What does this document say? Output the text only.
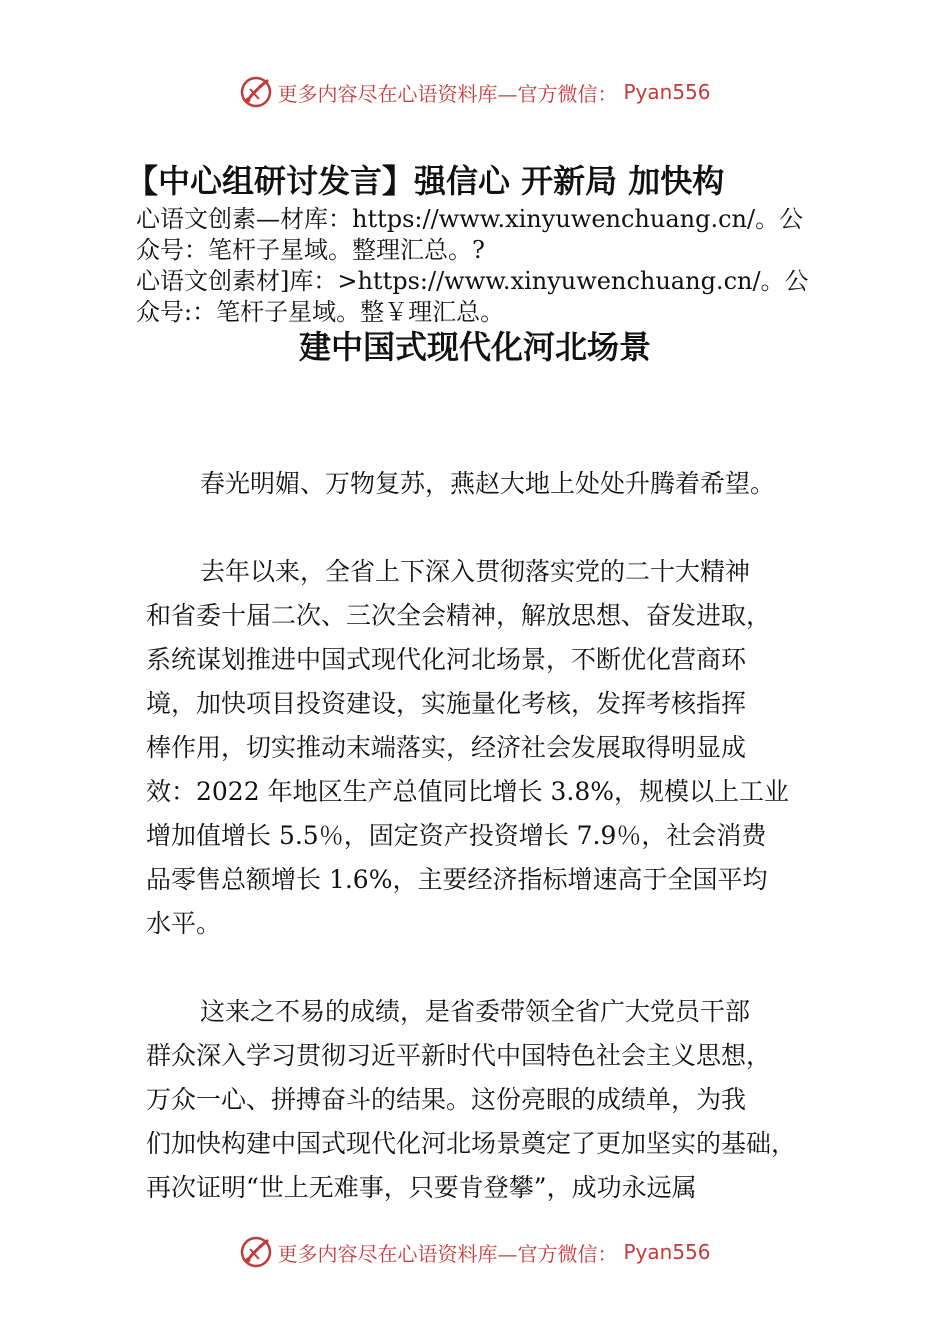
更多内容尽在心语资料库—官方微信： Pyan556
【中心组研讨发言】强信心 开新局 加快构
心语文创素—材库：https://www.xinyuwenchuang.cn/。公
众号：笔杆子星域。整理汇总。?
心语文创素材]库：>https://www.xinyuwenchuang.cn/。公
众号:：笔杆子星域。整￥理汇总。
建中国式现代化河北场景
春光明媚、万物复苏，燕赵大地上处处升腾着希望。
去年以来，全省上下深入贯彻落实党的二十大精神
和省委十届二次、三次全会精神，解放思想、奋发进取，
系统谋划推进中国式现代化河北场景，不断优化营商环
境，加快项目投资建设，实施量化考核，发挥考核指挥
棒作用，切实推动末端落实，经济社会发展取得明显成
效：2022 年地区生产总值同比增长 3.8%，规模以上工业
增加值增长 5.5％，固定资产投资增长 7.9％，社会消费
品零售总额增长 1.6%，主要经济指标增速高于全国平均
水平。
这来之不易的成绩，是省委带领全省广大党员干部
群众深入学习贯彻习近平新时代中国特色社会主义思想，
万众一心、拼搏奋斗的结果。这份亮眼的成绩单，为我
们加快构建中国式现代化河北场景奠定了更加坚实的基础，
再次证明“世上无难事，只要肯登攀”，成功永远属
更多内容尽在心语资料库—官方微信： Pyan556
